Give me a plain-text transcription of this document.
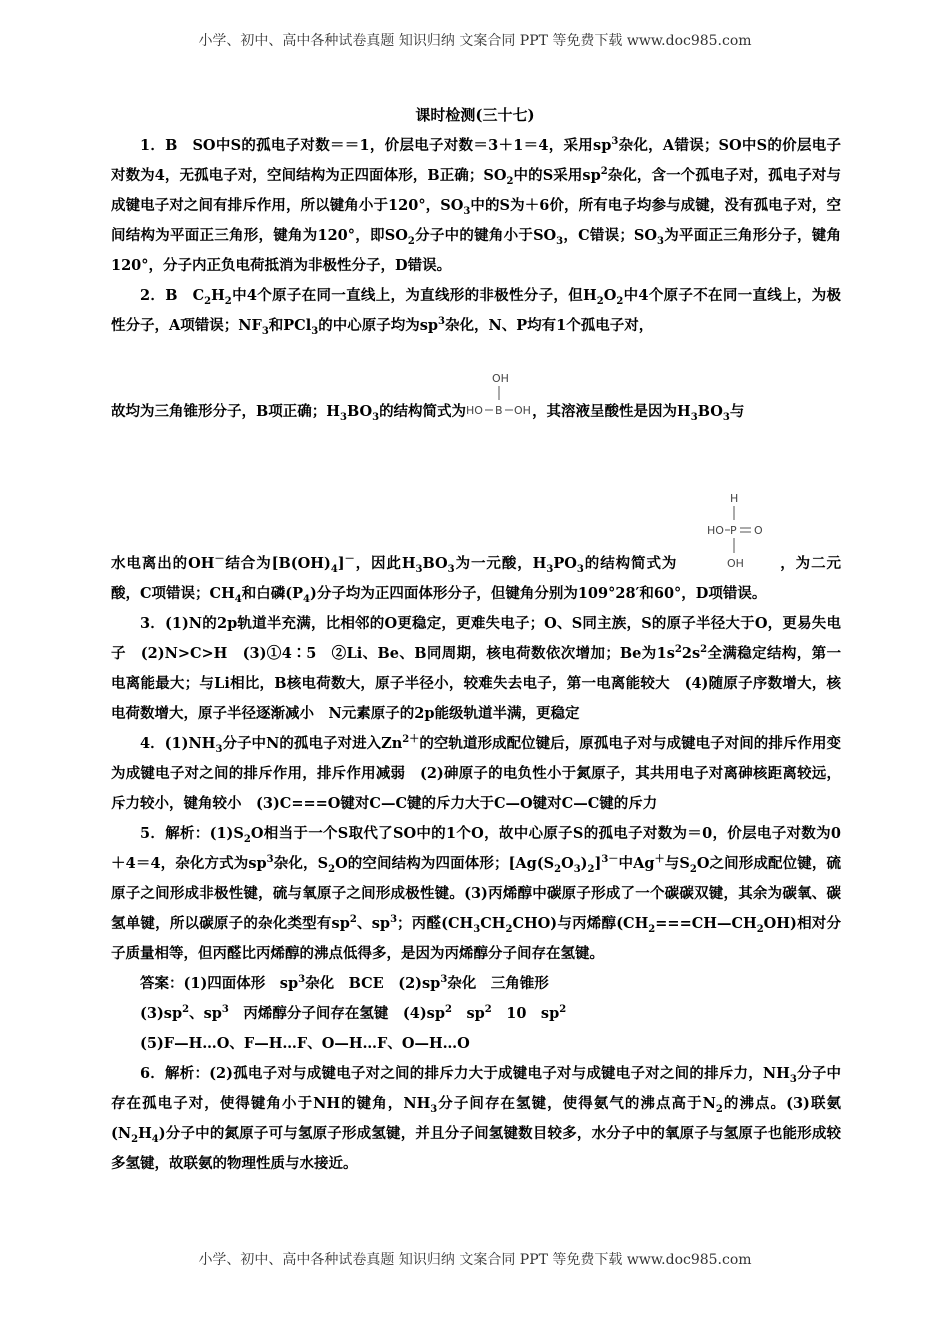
小学、初中、高中各种试卷真题 知识归纳 文案合同 PPT 等免费下载 www.doc985.com
课时检测(三十七)

1．B　SO中S的孤电子对数＝＝1，价层电子对数＝3＋1＝4，采用$sp^3$杂化，A错误；SO中S的价层电子对数为4，无孤电子对，空间结构为正四面体形，B正确；$SO_2$中的S采用$sp^2$杂化，含一个孤电子对，孤电子对与成键电子对之间有排斥作用，所以键角小于120°，$SO_3$中的S为＋6价，所有电子均参与成键，没有孤电子对，空间结构为平面正三角形，键角为120°，即$SO_2$分子中的键角小于$SO_3$，C错误；$SO_3$为平面正三角形分子，键角120°，分子内正负电荷抵消为非极性分子，D错误。

2．B　$C_2H_2$中4个原子在同一直线上，为直线形的非极性分子，但$H_2O_2$中4个原子不在同一直线上，为极性分子，A项错误；$NF_3$和PCl$_3$的中心原子均为$sp^3$杂化，N、P均有1个孤电子对，

故均为三角锥形分子，B项正确；$H_3BO_3$的结构简式为
OH
HO B OH ，其溶液呈酸性是因为$H_3BO_3$与

水电离出的OH－结合为$[B(OH)_4]^-$，因此$H_3BO_3$为一元酸，$H_3PO_3$的结构简式为
H
HO P O
OH ，为二元酸，C项错误；$CH_4$和白磷$(P_4)$分子均为正四面体形分子，但键角分别为109°28′和60°，D项错误。

3．(1)N的2p轨道半充满，比相邻的O更稳定，更难失电子；O、S同主族，S的原子半径大于O，更易失电子　(2)N>C>H　(3)①4∶5　②Li、Be、B同周期，核电荷数依次增加；Be为$1s^22s^2$全满稳定结构，第一电离能最大；与Li相比，B核电荷数大，原子半径小，较难失去电子，第一电离能较大　(4)随原子序数增大，核电荷数增大，原子半径逐渐减小　N元素原子的2p能级轨道半满，更稳定

4．$(1)NH_3$分子中N的孤电子对进入$Zn^{2+}$的空轨道形成配位键后，原孤电子对与成键电子对间的排斥作用变为成键电子对之间的排斥作用，排斥作用减弱　(2)砷原子的电负性小于氮原子，其共用电子对离砷核距离较远，斥力较小，键角较小　(3)C===O键对C—C键的斥力大于C—O键对C—C键的斥力

5．解析：$(1)S_2O$相当于一个S取代了SO中的1个O，故中心原子S的孤电子对数为＝0，价层电子对数为0＋4＝4，杂化方式为$sp^3$杂化，$S_2O$的空间结构为四面体形；$[Ag(S_2O_3)_2]^{3-}$中Ag＋与$S_2O$之间形成配位键，硫原子之间形成非极性键，硫与氧原子之间形成极性键。(3)丙烯醇中碳原子形成了一个碳碳双键，其余为碳氧、碳氢单键，所以碳原子的杂化类型有$sp^2$、$sp^3$；丙醛$(CH_3CH_2CHO)$与丙烯醇$(CH_2===CH—CH_2OH)$相对分子质量相等，但丙醛比丙烯醇的沸点低得多，是因为丙烯醇分子间存在氢键。

答案：(1)四面体形　$sp^3$杂化　BCE　$(2)sp^3$杂化　三角锥形

$(3)sp^2$、$sp^3$　丙烯醇分子间存在氢键　$(4)sp^2$　$sp^2$　10　$sp^2$

(5)F—H…O、F—H…F、O—H…F、O—H…O

6．解析：(2)孤电子对与成键电子对之间的排斥力大于成键电子对与成键电子对之间的排斥力，$NH_3$分子中存在孤电子对，使得键角小于NH的键角，$NH_3$分子间存在氢键，使得氨气的沸点高于$N_2$的沸点。(3)联氨$(N_2H_4)$分子中的氮原子可与氢原子形成氢键，并且分子间氢键数目较多，水分子中的氧原子与氢原子也能形成较多氢键，故联氨的物理性质与水接近。

小学、初中、高中各种试卷真题 知识归纳 文案合同 PPT 等免费下载 www.doc985.com
